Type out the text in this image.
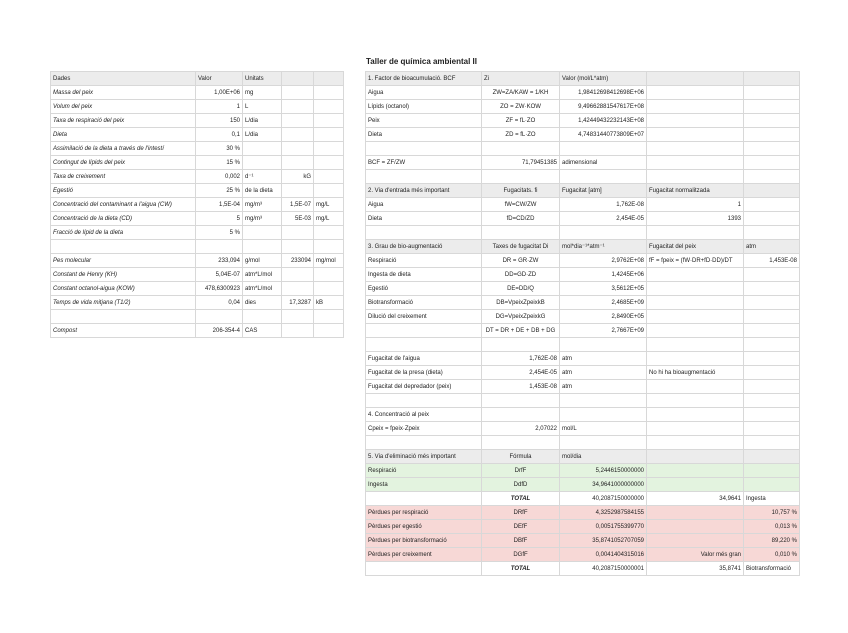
Taller de química ambiental II
Dades	Valor	Unitats		
Massa del peix	1,00E+06	mg		
Volum del peix	1	L		
Taxa de respiració del peix	150	L/dia		
Dieta	0,1	L/dia		
Assimilació de la dieta a través de l'intestí	30 %			
Contingut de lípids del peix	15 %			
Taxa de creixement	0,002	d⁻¹	kG	
Egestió	25 %	de la dieta		
Concentració del contaminant a l'aigua (CW)	1,5E-04	mg/m³	1,5E-07	mg/L
Concentració de la dieta (CD)	5	mg/m³	5E-03	mg/L
Fracció de lípid de la dieta	5 %			

Pes molecular	233,094	g/mol	233094	mg/mol
Constant de Henry (KH)	5,04E-07	atm*L/mol		
Constant octanol-aigua (KOW)	478,6300923	atm*L/mol		
Temps de vida mitjana (T1/2)	0,04	dies	17,3287	kB

Compost	206-354-4	CAS		
1. Factor de bioacumulació. BCF	Zi	Valor (mol/L*atm)		
Aigua	ZW=ZA/KAW = 1/KH	1,98412698412698E+06		
Lípids (octanol)	ZO = ZW·KOW	9,49662881547617E+08		
Peix	ZF = fL·ZO	1,42449432232143E+08		
Dieta	ZD = fL·ZO	4,74831440773809E+07		

BCF = ZF/ZW	71,79451385	adimensional		

2. Via d'entrada més important	Fugacitats. fi	Fugacitat [atm]	Fugacitat normalitzada	
Aigua	fW=CW/ZW	1,762E-08	1	
Dieta	fD=CD/ZD	2,454E-05	1393	

3. Grau de bio-augmentació	Taxes de fugacitat Di	mol*dia⁻¹*atm⁻¹	Fugacitat del peix	atm
Respiració	DR = GR·ZW	2,9762E+08	fF = fpeix = (fW·DR+fD·DD)/DT	1,453E-08
Ingesta de dieta	DD=GD·ZD	1,4245E+06		
Egestió	DE=DD/Q	3,5612E+05		
Biotransformació	DB=VpeixZpeixkB	2,4685E+09		
Dilució del creixement	DG=VpeixZpeixkG	2,8490E+05		
	DT = DR + DE + DB + DG	2,7667E+09		

Fugacitat de l'aigua	1,762E-08	atm		
Fugacitat de la presa (dieta)	2,454E-05	atm	No hi ha bioaugmentació	
Fugacitat del depredador (peix)	1,453E-08	atm		

4. Concentració al peix				
Cpeix = fpeix·Zpeix	2,07022	mol/L		

5. Via d'eliminació més important	Fórmula	mol/dia		
Respiració	DrfF	5,2446150000000		
Ingesta	DdfD	34,9641000000000		
	TOTAL	40,2087150000000	34,9641	Ingesta
Pèrdues per respiració	DRfF	4,3252987584155		10,757 %
Pèrdues per egestió	DEfF	0,0051755399770		0,013 %
Pèrdues per biotransformació	DBfF	35,8741052707059		89,220 %
Pèrdues per creixement	DGfF	0,0041404315016	Valor més gran	0,010 %
	TOTAL	40,2087150000001	35,8741	Biotransformació
